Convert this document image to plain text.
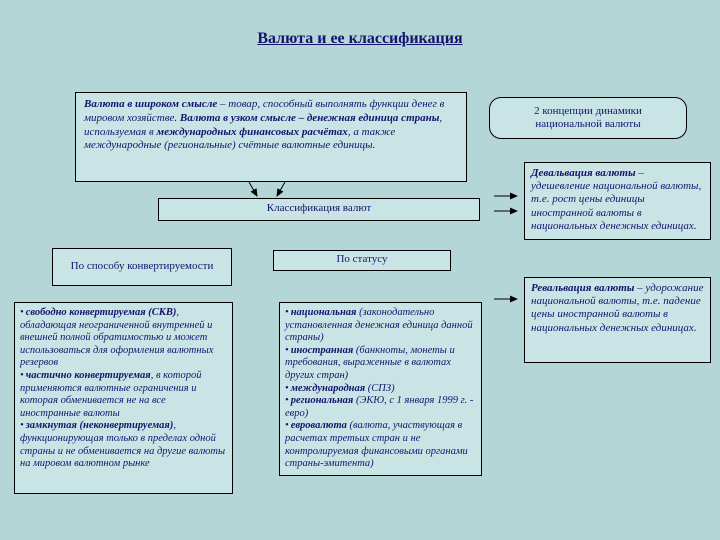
Валюта и ее классификация
Валюта в широком смысле – товар, способный выполнять функции денег в мировом хозяйстве. Валюта в узком смысле – денежная единица страны, используемая в международных финансовых расчётах, а также международные (региональные) счётные валютные единицы.
2 концепции динамики национальной валюты
Девальвация валюты – удешевление национальной валюты, т.е. рост цены единицы иностранной валюты в национальных денежных единицах.
Классификация валют
По способу конвертируемости
По статусу
Ревальвация валюты – удорожание национальной валюты, т.е. падение цены иностранной валюты в национальных денежных единицах.
• свободно конвертируемая (СКВ), обладающая неограниченной внутренней и внешней полной обратимостью и может использоваться для оформления валютных резервов
• частично конвертируемая, в которой применяются валютные ограничения и которая обменивается не на все иностранные валюты
• замкнутая (неконвертируемая), функционирующая только в пределах одной страны и не обменивается на другие валюты на мировом валютном рынке
• национальная (законодательно установленная денежная единица данной страны)
• иностранная (банкноты, монеты и требования, выраженные в валютах других стран)
• международная (СПЗ)
• региональная (ЭКЮ, с 1 января 1999 г. - евро)
• евровалюта (валюта, участвующая в расчетах третьих стран и не контролируемая финансовыми органами страны-эмитента)
